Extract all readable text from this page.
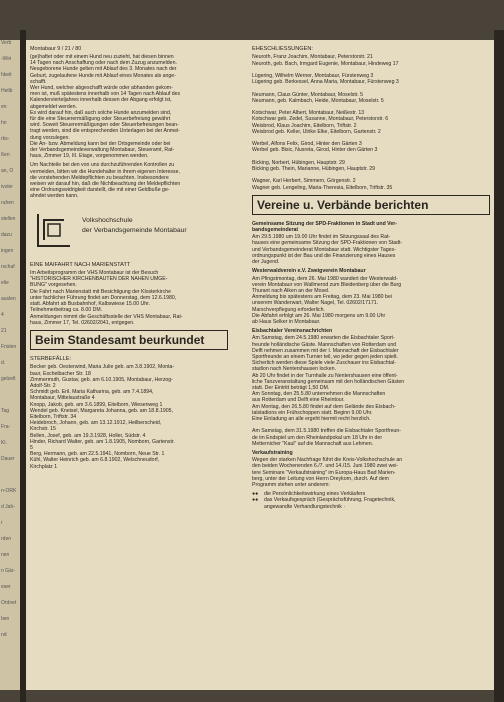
Verb
-Wiri
hkeit
Heilb
en
hn
rks-
ßen
an, O
ivoler
ruhen
stellen
dazu
ingen
rschaf
elie
auslen
4
21
Fristen
d.
gelzelt

Tag
Fra-
Kl.
Dauer

n-ORK
d Jah-
r
rden
nen
n Gär-
eser
Ordnet
ben
nd
Montabaur 9 / 21 / 80
(ge)haftet oder mit einem Hund neu zuzieht, hat diesen binnen
14 Tagen nach Anschaffung oder nach dem Zuzug anzumelden.
Neugeborene Hunde gelten mit Ablauf des 3. Monates nach der
Geburt, zugelaufene Hunde mit Ablauf eines Monates als ange-
schafft.
Wer Hund, welcher abgeschafft würde oder abhanden gekom-
men ist, muß spätestens innerhalb von 14 Tagen nach Ablauf des
Kalendervierteljahres innerhalb dessen der Abgang erfolgt ist,
abgemeldet werden.
Es wird darauf hin, daß auch solche Hunde anzumelden sind,
für die eine Steuerermäßigung oder Steuerbefreiung gewährt
wird. Soweit Steuerermäßigungen oder Steuerbefreiungen bean-
tragt werden, sind die entsprechenden Unterlagen bei der Anmel-
dung vorzulegen.
Die An- bzw. Abmeldung kann bei der Ortsgemeinde oder bei
der Verbandsgemeindeverwaltung Montabaur, Steueramt, Rat-
haus, Zimmer 19, III. Etage, vorgenommen werden.
Um Nachteile bei den von uns durchzuführenden Kontrollen zu
vermeiden, bitten wir die Hundehalter in ihrem eigenen Interesse,
die vorstehenden Meldepflichten zu beachten. Insbesondere
weisen wir darauf hin, daß die Nichtbeachtung der Meldepflichten
eine Ordnungswidrigkeit darstellt, die mit einer Geldbuße ge-
ahndet werden kann.
Volkshochschule
der Verbandsgemeinde Montabaur
EINE MAIFAHRT NACH MARIENSTATT
Im Arbeitsprogramm der VHS Montabaur ist der Besuch
"HISTORISCHER KIRCHENBAUTEN DER NAHEN UMGE-
BUNG" vorgesehen.
Die Fahrt nach Marienstatt mit Besichtigung der Klosterkirche
unter fachlicher Führung findet am Donnerstag, dem 12.6.1980,
statt. Abfahrt ab Busbahnhof, Kalbswiese 15.00 Uhr.
Teilnehmerbeitrag ca. 8.00 DM.
Anmeldungen nimmt die Geschäftsstelle der VHS Montabaur, Rat-
haus, Zimmer 17, Tel. 02602/2041, entgegen.
Beim Standesamt beurkundet
STERBEFÄLLE:
Becker geb. Oesterwind, Maria Julie geb. am 3.8.1902, Monta-
baur, Eschelbacher Str. 18
Zimmermuth, Gustav, geb. am 6.10.1905, Montabaur, Herzog-
Adolf-Str. 2
Schmidt geb. Eril, Maria Katharina, geb. am 7.4.1894,
Montabaur, Mittelaustraße 4
Knopp, Jakob, geb. am 3.6.1899, Eitelborn, Wiesenweg 1
Wendel geb. Kneisel, Margareta Johanna, geb. am 18.8.1905,
Eitelborn, Triftstr. 34
Heidebroch, Johann, geb. am 13.12.1912, Heilberscheid,
Kirchstr. 15
Bellen, Josef, geb. am 19.3.1928, Holler, Südstr. 4
Hinder, Richard Walter, geb. am 1.8.1905, Nomborn, Gartenstr.
5
Berg, Hermann, geb. am 22.5.1941, Nomborn, Neue Str. 1
Kühl, Walter Heinrich geb. am 6.8.1902, Welschneudorf,
Kirchplatz 1
EHESCHLIESSUNGEN:
Neuroth, Franz Joachim, Montabaur, Peterstorstr. 21
Neuroth, geb. Bach, Irmgard Eugenie, Montabaur, Hindeweg 17

Lügering, Wilhelm Werner, Montabaur, Fürstenweg 3
Lügering geb. Berkessel, Anna Maria, Montabaur, Fürstenweg 3

Neumann, Claus Günter, Montabaur, Moselstr. 5
Neumann, geb. Kalmbach, Heide, Montabaur, Moselstr. 5

Kotschwar, Peter Albert, Montabaur, Neißestr. 13
Kotschwar geb. Zedel, Susanne, Montabaur, Peterstorstr. 6
Weisbrod, Klaus Joachim, Eitelborn, Triftstr. 2
Weisbrod geb. Keller, Ulrike Elke, Eitelborn, Gartenstr. 2

Werbel, Alfons Felix, Girod, Hinter den Gärten 3
Werbel geb. Bisic, Nusreta, Girod, Hinter den Gärten 3

Bicking, Norbert, Hübingen, Hauptstr. 29
Bicking geb. Thein, Marianne, Hübingen, Hauptstr. 29

Wagner, Karl Herbert, Simmern, Görgenstr. 2
Wagner geb. Lengeling, Maria-Theresia, Eitelborn, Triftstr. 35
Vereine u. Verbände berichten
Gemeinsame Sitzung der SPD-Fraktionen in Stadt und Ver-
bandsgemeinderat
Am 29.5.1980 um 19.00 Uhr findet im Sitzungssaal des Rat-
hauses eine gemeinsame Sitzung der SPD-Fraktionen von Stadt-
und Verbandsgemeinderat Montabaur statt. Wichtigster Tages-
ordnungspunkt ist der Bau und die Finanzierung eines Hauses
der Jugend.
Westerwaldverein e.V. Zweigverein Montabaur
Am Pfingstmontag, dem 26. Mai 1980 wandert der Westerwald-
verein Montabaur von Wallmerod zum Bleidenberg über die Burg
Thurant nach Alken an der Mosel.
Anmeldung bis spätestens am Freitag, dem 23. Mai 1980 bei
unserem Wanderwart, Walter Nagel, Tel. 02602/17171.
Marschverpflegung erforderlich.
Die Abfahrt erfolgt am 26. Mai 1980 morgens um 9.00 Uhr
ab Haus Selker in Montabaur.
Eisbachtaler Vereinsnachrichten
Am Samstag, dem 24.5.1980 erwarten die Eisbachtaler Sport-
freunde holländische Gäste. Mannschaften von Rotterdam und
Delft nehmen zusammen mit der I. Mannschaft der Eisbachtaler
Sportfreunde an einem Turnier teil, wo jeder gegen jeden spielt.
Sicherlich werden diese Spiele viele Zuschauer ins Eisbachtal-
stadion nach Nentershausen locken.
Ab 20 Uhr findet in der Turnhalle zu Nentershausen eine öffent-
liche Tanzveranstaltung gemeinsam mit den holländischen Gästen
statt. Der Eintritt beträgt 1,50 DM.
Am Sonntag, den 25.5.80 unternehmen die Mannschaften
aus Rotterdam und Delft eine Rheintour.
Am Montag, den 26.5.80 findet auf dem Gelände des Eisbach-
talstadions ein Frühschoppen statt. Beginn 9.00 Uhr.
Eine Einladung an alle ergeht hiermit recht herzlich.

Am Samstag, dem 31.5.1980 treffen die Eisbachtaler Sportfreun-
de im Endspiel um den Rheinlandpokal um 18 Uhr in der
Metternicher "Kaul" auf die Mannschaft aus Lehmen.
Verkaufstraining
Wegen der starken Nachfrage führt die Kreis-Volkshochschule an
den beiden Wochenenden 6./7. und 14./15. Juni 1980 zwei wei-
tere Seminare "Verkaufstraining" im Europa-Haus Bad Marien-
berg, unter der Leitung von Herrn Dreykorn, durch. Auf dem
Programm stehen unter anderem:
●● die Persönlichkeitswirkung eines Verkäufers
●● das Verkaufsgespräch (Gesprächsführung, Fragetechnik,
angewandte Verhandlungstechnik ·
